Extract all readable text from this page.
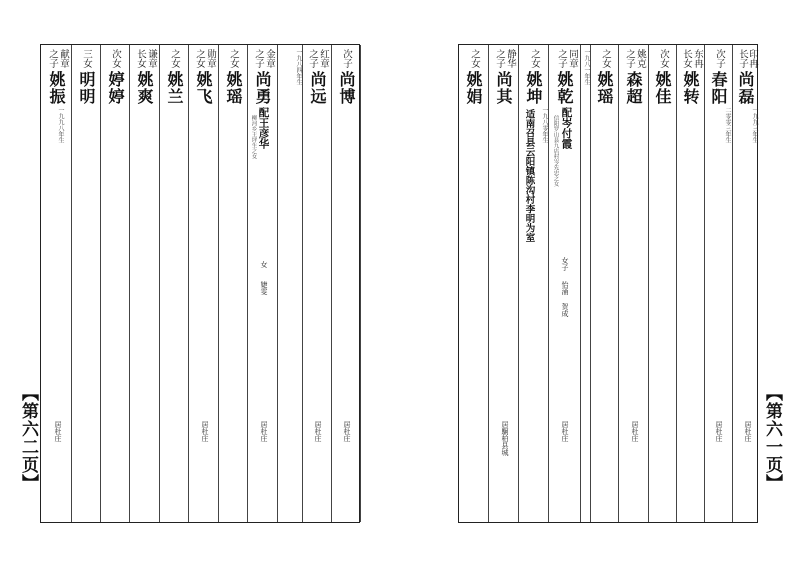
【第六二页】
献章
之子
姚振
一九九八年生
居杜庄
三女
明明
次女
婷婷
谦章
长女
姚爽
之女
姚兰
勋章
之女
姚飞
居杜庄
之女
姚瑶
金章
之子
尚勇
配王彦华
柳河乡王坪生之女
女
婕雯
居杜庄
一九八四年生 红章
之子
尚远
居杜庄
次子
尚博
居杜庄	【第六一页】
之女
姚娟
静华
之子
尚其
居駉柏县城
之女
姚坤
一九八零年生
适南召县云阳镇陈沟村李明为室
同章
之子
姚乾
配岑付霞
信阳罗山县九店村岑先忠之女
女子
怡涌 贺成
居杜庄
一九八一年生 之女
姚瑶
姚克
之子
森超
居杜庄
次女
姚佳
东冉
长女
姚转
次子
春阳
二零零三年生
居杜庄
印冉
长子
尚磊
一九九三年生
居杜庄
